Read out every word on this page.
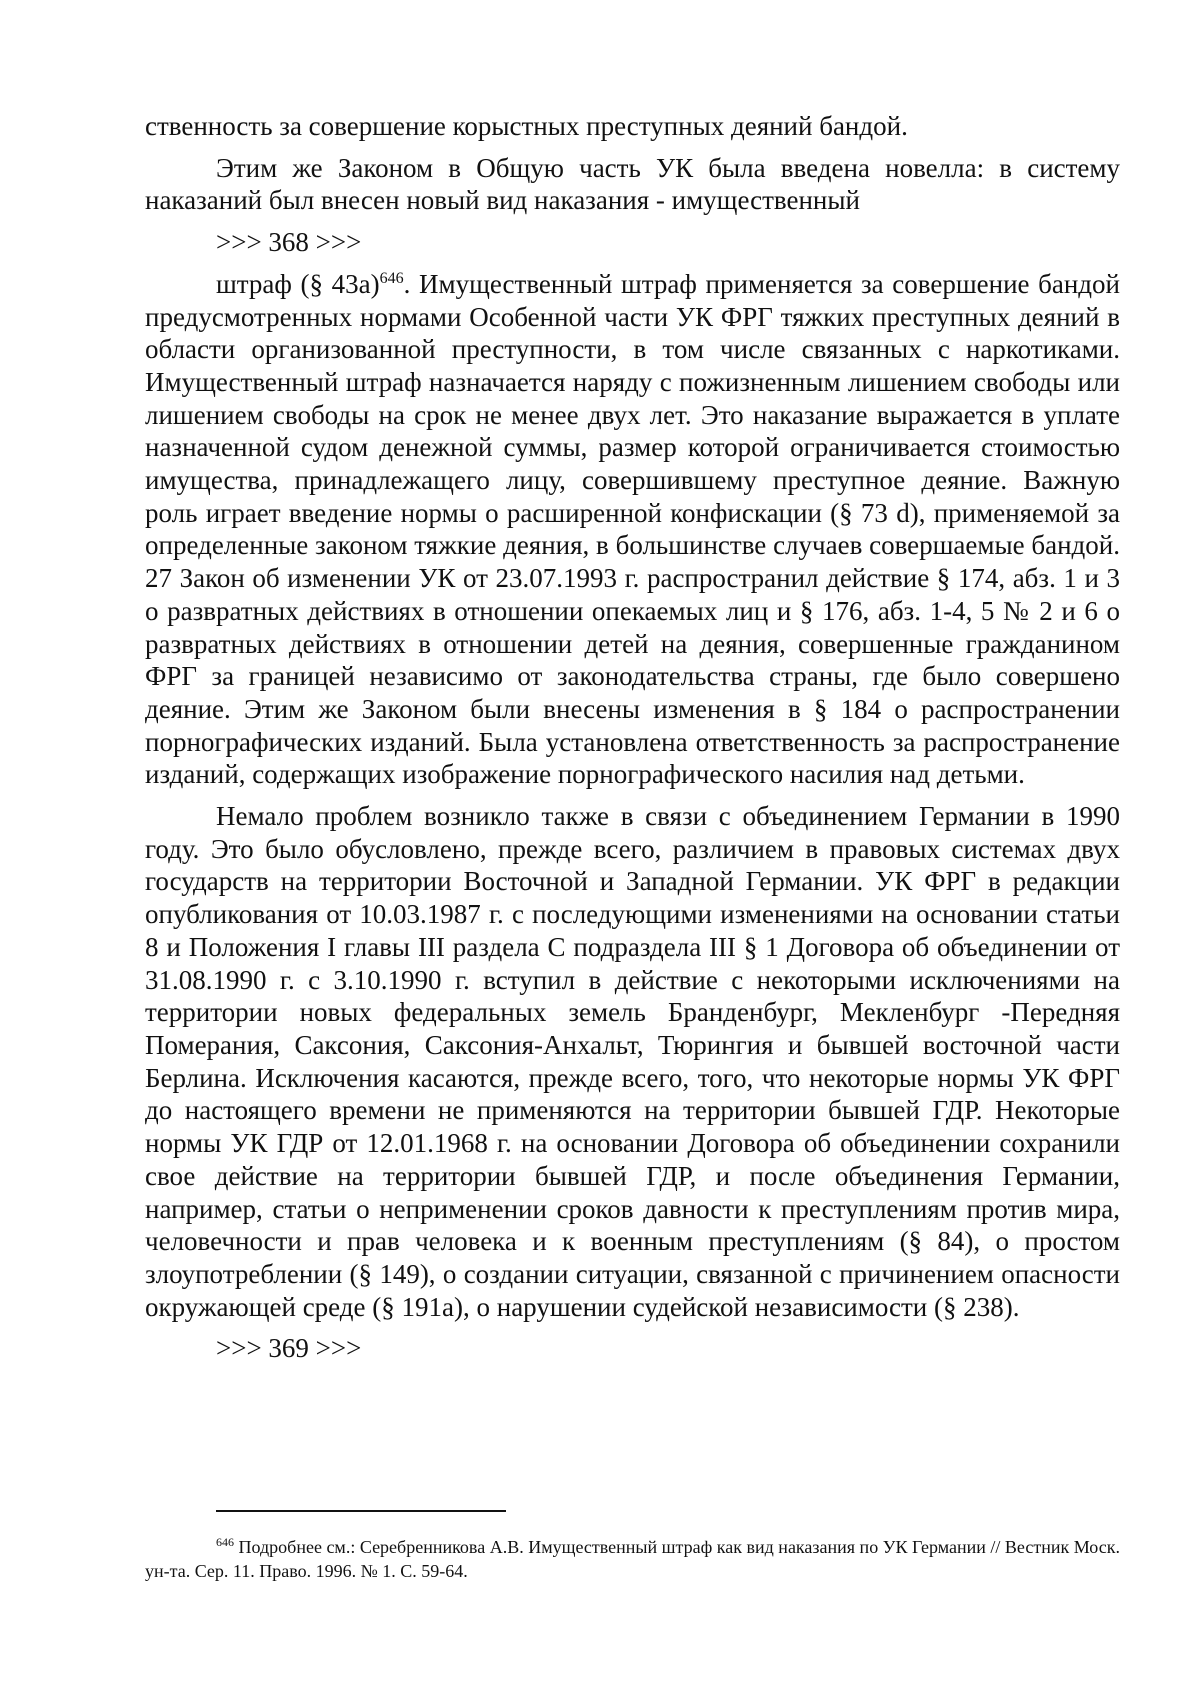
ственность за совершение корыстных преступных деяний бандой.

Этим же Законом в Общую часть УК была введена новелла: в систему наказаний был внесен новый вид наказания - имущественный

>>> 368 >>>

штраф (§ 43а)$^{646}$. Имущественный штраф применяется за совершение бандой предусмотренных нормами Особенной части УК ФРГ тяжких преступных деяний в области организованной преступности, в том числе связанных с наркотиками. Имущественный штраф назначается наряду с пожизненным лишением свободы или лишением свободы на срок не менее двух лет. Это наказание выражается в уплате назначенной судом денежной суммы, размер которой ограничивается стоимостью имущества, принадлежащего лицу, совершившему преступное деяние. Важную роль играет введение нормы о расширенной конфискации (§ 73 d), применяемой за определенные законом тяжкие деяния, в большинстве случаев совершаемые бандой. 27 Закон об изменении УК от 23.07.1993 г. распространил действие § 174, абз. 1 и 3 о развратных действиях в отношении опекаемых лиц и § 176, абз. 1-4, 5 № 2 и 6 о развратных действиях в отношении детей на деяния, совершенные гражданином ФРГ за границей независимо от законодательства страны, где было совершено деяние. Этим же Законом были внесены изменения в § 184 о распространении порнографических изданий. Была установлена ответственность за распространение изданий, содержащих изображение порнографического насилия над детьми.

Немало проблем возникло также в связи с объединением Германии в 1990 году. Это было обусловлено, прежде всего, различием в правовых системах двух государств на территории Восточной и Западной Германии. УК ФРГ в редакции опубликования от 10.03.1987 г. с последующими изменениями на основании статьи 8 и Положения I главы III раздела С подраздела III § 1 Договора об объединении от 31.08.1990 г. с 3.10.1990 г. вступил в действие с некоторыми исключениями на территории новых федеральных земель Бранденбург, Мекленбург -Передняя Померания, Саксония, Саксония-Анхальт, Тюрингия и бывшей восточной части Берлина. Исключения касаются, прежде всего, того, что некоторые нормы УК ФРГ до настоящего времени не применяются на территории бывшей ГДР. Некоторые нормы УК ГДР от 12.01.1968 г. на основании Договора об объединении сохранили свое действие на территории бывшей ГДР, и после объединения Германии, например, статьи о неприменении сроков давности к преступлениям против мира, человечности и прав человека и к военным преступлениям (§ 84), о простом злоупотреблении (§ 149), о создании ситуации, связанной с причинением опасности окружающей среде (§ 191а), о нарушении судейской независимости (§ 238).

>>> 369 >>>

$^{646}$ Подробнее см.: Серебренникова А.В. Имущественный штраф как вид наказания по УК Германии // Вестник Моск. ун-та. Сер. 11. Право. 1996. № 1. С. 59-64.
